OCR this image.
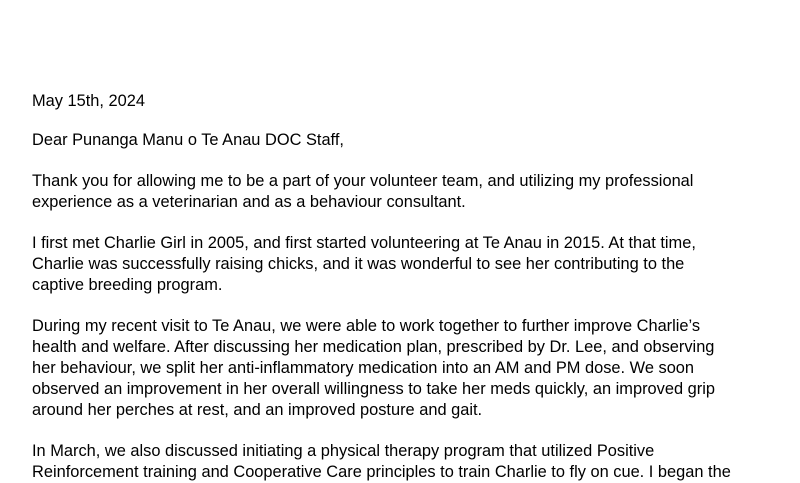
May 15th, 2024

Dear Punanga Manu o Te Anau DOC Staff,

Thank you for allowing me to be a part of your volunteer team, and utilizing my professional
experience as a veterinarian and as a behaviour consultant.

I first met Charlie Girl in 2005, and first started volunteering at Te Anau in 2015. At that time,
Charlie was successfully raising chicks, and it was wonderful to see her contributing to the
captive breeding program.

During my recent visit to Te Anau, we were able to work together to further improve Charlie’s
health and welfare. After discussing her medication plan, prescribed by Dr. Lee, and observing
her behaviour, we split her anti-inflammatory medication into an AM and PM dose. We soon
observed an improvement in her overall willingness to take her meds quickly, an improved grip
around her perches at rest, and an improved posture and gait.

In March, we also discussed initiating a physical therapy program that utilized Positive
Reinforcement training and Cooperative Care principles to train Charlie to fly on cue. I began the
